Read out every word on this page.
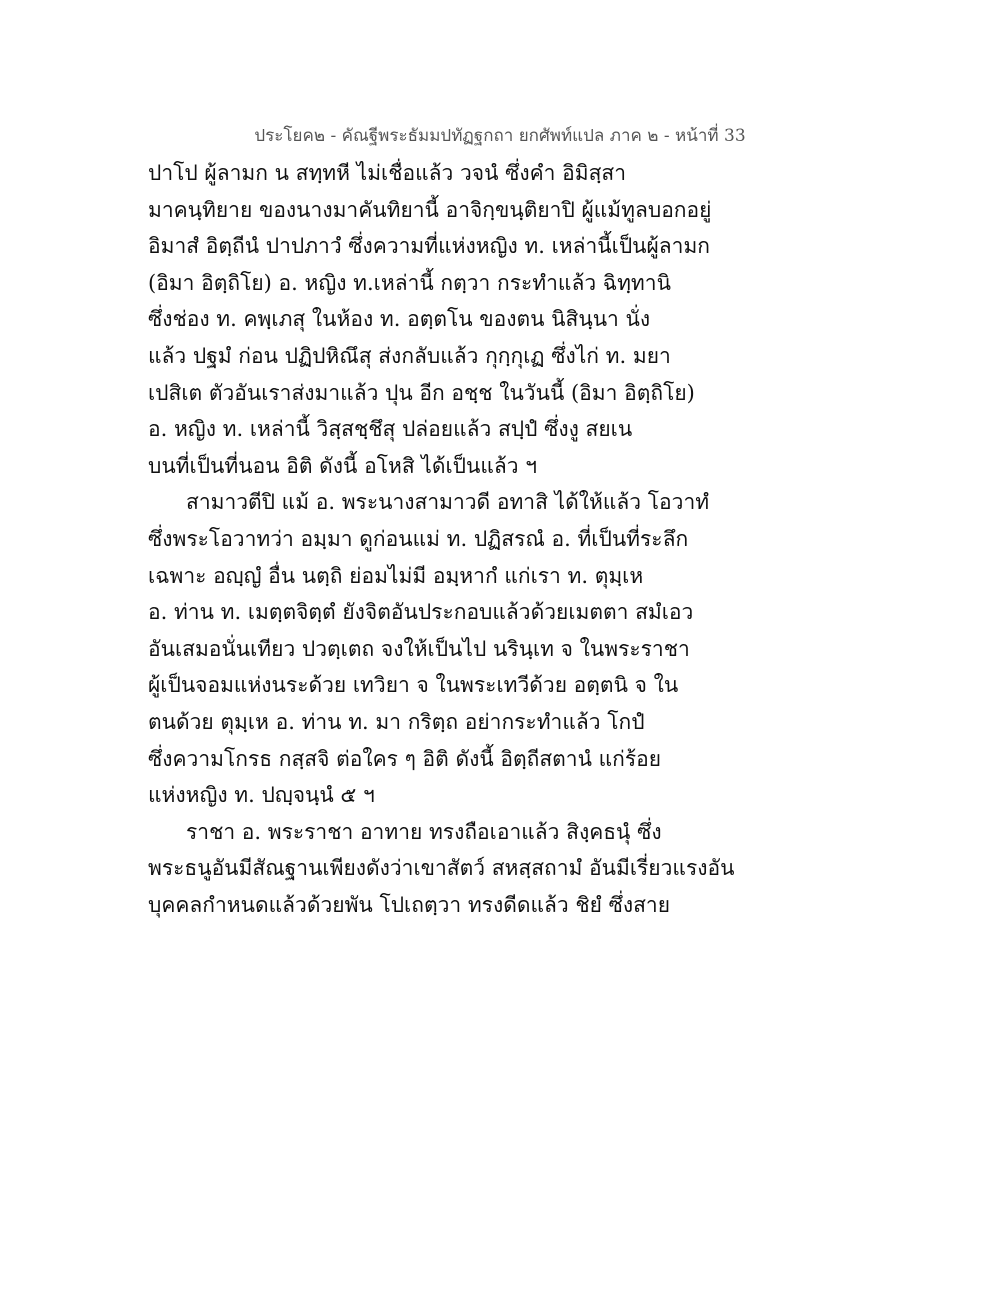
ประโยค๒ - คัณฐีพระธัมมปทัฏฐกถา ยกศัพท์แปล ภาค ๒ - หน้าที่ 33
ปาโป ผู้ลามก น สทฺทหี ไม่เชื่อแล้ว วจนํ ซึ่งคำ อิมิสฺสา
มาคนฺทิยาย ของนางมาคันทิยานี้ อาจิกฺขนฺติยาปิ ผู้แม้ทูลบอกอยู่
อิมาสํ อิตฺถีนํ ปาปภาวํ ซึ่งความที่แห่งหญิง ท. เหล่านี้เป็นผู้ลามก
(อิมา อิตฺถิโย) อ. หญิง ท.เหล่านี้ กตฺวา กระทำแล้ว ฉิทฺทานิ
ซึ่งช่อง ท. คพฺเภสุ ในห้อง ท. อตฺตโน ของตน นิสินฺนา นั่ง
แล้ว ปฐมํ ก่อน ปฏิปหิณึสุ ส่งกลับแล้ว กุกฺกุเฏ ซึ่งไก่ ท. มยา
เปสิเต ตัวอันเราส่งมาแล้ว ปุน อีก อชฺช ในวันนี้ (อิมา อิตฺถิโย)
อ. หญิง ท. เหล่านี้ วิสฺสชฺชึสุ ปล่อยแล้ว สปฺปํ ซึ่งงู สยเน
บนที่เป็นที่นอน อิติ ดังนี้ อโหสิ ได้เป็นแล้ว ฯ
สามาวตีปิ แม้ อ. พระนางสามาวดี อทาสิ ได้ให้แล้ว โอวาทํ
ซึ่งพระโอวาทว่า อมฺมา ดูก่อนแม่ ท. ปฏิสรณํ อ. ที่เป็นที่ระลึก
เฉพาะ อญฺญํ อื่น นตฺถิ ย่อมไม่มี อมฺหากํ แก่เรา ท. ตุมฺเห
อ. ท่าน ท. เมตฺตจิตฺตํ ยังจิตอันประกอบแล้วด้วยเมตตา สมํเอว
อันเสมอนั่นเทียว ปวตฺเตถ จงให้เป็นไป นรินฺเท จ ในพระราชา
ผู้เป็นจอมแห่งนระด้วย เทวิยา จ ในพระเทวีด้วย อตฺตนิ จ ใน
ตนด้วย ตุมฺเห อ. ท่าน ท. มา กริตฺถ อย่ากระทำแล้ว โกปํ
ซึ่งความโกรธ กสฺสจิ ต่อใคร ๆ อิติ ดังนี้ อิตฺถีสตานํ แก่ร้อย
แห่งหญิง ท. ปญฺจนฺนํ ๕ ฯ
ราชา อ. พระราชา อาทาย ทรงถือเอาแล้ว สิงฺคธนุํ ซึ่ง
พระธนูอันมีสัณฐานเพียงดังว่าเขาสัตว์ สหสฺสถามํ อันมีเรี่ยวแรงอัน
บุคคลกำหนดแล้วด้วยพัน โปเถตฺวา ทรงดีดแล้ว ชิยํ ซึ่งสาย
